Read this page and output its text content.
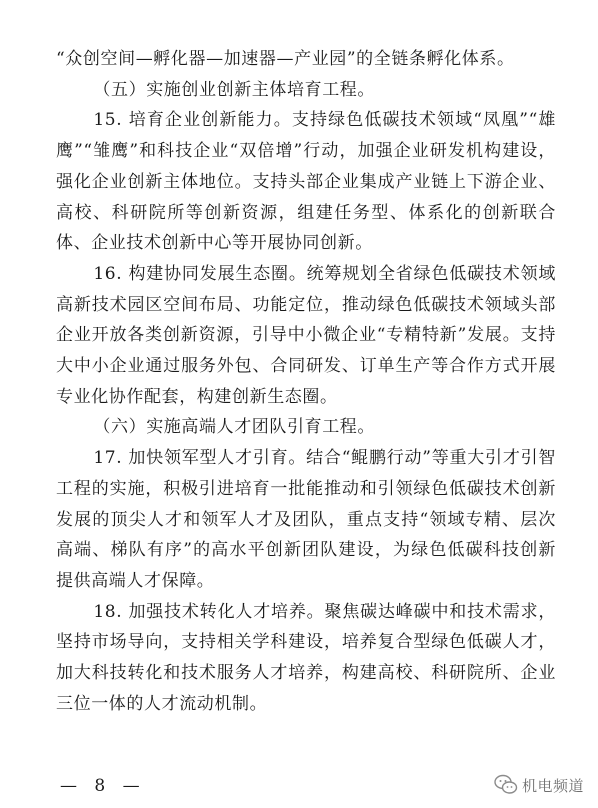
“众创空间—孵化器—加速器—产业园”的全链条孵化体系。

（五）实施创业创新主体培育工程。

15. 培育企业创新能力。支持绿色低碳技术领域“凤凰”“雄鹰”“雏鹰”和科技企业“双倍增”行动，加强企业研发机构建设，强化企业创新主体地位。支持头部企业集成产业链上下游企业、高校、科研院所等创新资源，组建任务型、体系化的创新联合体、企业技术创新中心等开展协同创新。

16. 构建协同发展生态圈。统筹规划全省绿色低碳技术领域高新技术园区空间布局、功能定位，推动绿色低碳技术领域头部企业开放各类创新资源，引导中小微企业“专精特新”发展。支持大中小企业通过服务外包、合同研发、订单生产等合作方式开展专业化协作配套，构建创新生态圈。

（六）实施高端人才团队引育工程。

17. 加快领军型人才引育。结合“鲲鹏行动”等重大引才引智工程的实施，积极引进培育一批能推动和引领绿色低碳技术创新发展的顶尖人才和领军人才及团队，重点支持“领域专精、层次高端、梯队有序”的高水平创新团队建设，为绿色低碳科技创新提供高端人才保障。

18. 加强技术转化人才培养。聚焦碳达峰碳中和技术需求，坚持市场导向，支持相关学科建设，培养复合型绿色低碳人才，加大科技转化和技术服务人才培养，构建高校、科研院所、企业三位一体的人才流动机制。

— 8 —	机电频道
